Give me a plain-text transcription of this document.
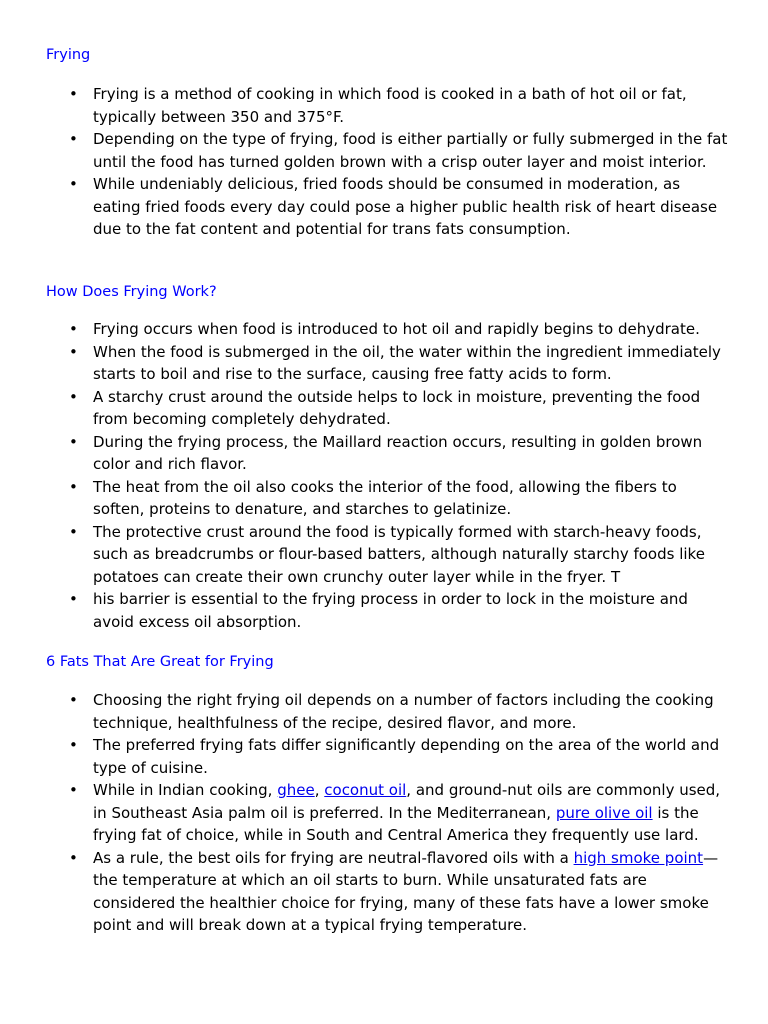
Frying
• Frying is a method of cooking in which food is cooked in a bath of hot oil or fat, typically between 350 and 375°F.
• Depending on the type of frying, food is either partially or fully submerged in the fat until the food has turned golden brown with a crisp outer layer and moist interior.
• While undeniably delicious, fried foods should be consumed in moderation, as eating fried foods every day could pose a higher public health risk of heart disease due to the fat content and potential for trans fats consumption.
How Does Frying Work?
• Frying occurs when food is introduced to hot oil and rapidly begins to dehydrate.
• When the food is submerged in the oil, the water within the ingredient immediately starts to boil and rise to the surface, causing free fatty acids to form.
• A starchy crust around the outside helps to lock in moisture, preventing the food from becoming completely dehydrated.
• During the frying process, the Maillard reaction occurs, resulting in golden brown color and rich flavor.
• The heat from the oil also cooks the interior of the food, allowing the fibers to soften, proteins to denature, and starches to gelatinize.
• The protective crust around the food is typically formed with starch-heavy foods, such as breadcrumbs or flour-based batters, although naturally starchy foods like potatoes can create their own crunchy outer layer while in the fryer. T
• his barrier is essential to the frying process in order to lock in the moisture and avoid excess oil absorption.
6 Fats That Are Great for Frying
• Choosing the right frying oil depends on a number of factors including the cooking technique, healthfulness of the recipe, desired flavor, and more.
• The preferred frying fats differ significantly depending on the area of the world and type of cuisine.
• While in Indian cooking, ghee, coconut oil, and ground-nut oils are commonly used, in Southeast Asia palm oil is preferred. In the Mediterranean, pure olive oil is the frying fat of choice, while in South and Central America they frequently use lard.
• As a rule, the best oils for frying are neutral-flavored oils with a high smoke point—the temperature at which an oil starts to burn. While unsaturated fats are considered the healthier choice for frying, many of these fats have a lower smoke point and will break down at a typical frying temperature.
